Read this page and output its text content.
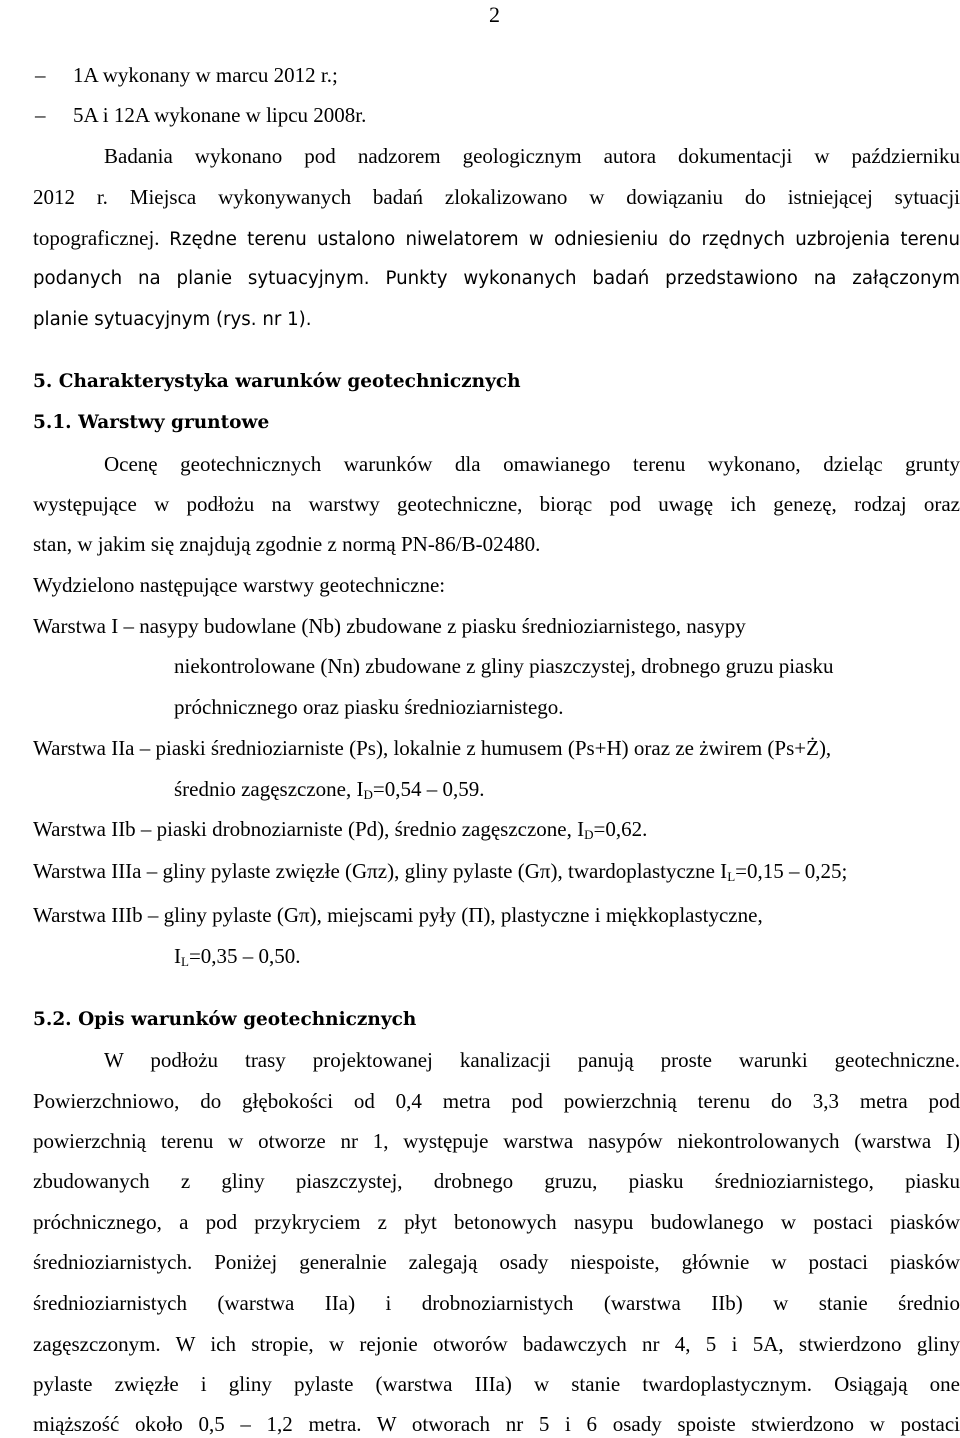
2
– 1A wykonany w marcu 2012 r.;
– 5A i 12A wykonane w lipcu 2008r.
Badania wykonano pod nadzorem geologicznym autora dokumentacji w październiku
2012 r. Miejsca wykonywanych badań zlokalizowano w dowiązaniu do istniejącej sytuacji
topograficznej. Rzędne terenu ustalono niwelatorem w odniesieniu do rzędnych uzbrojenia terenu
podanych na planie sytuacyjnym. Punkty wykonanych badań przedstawiono na załączonym
planie sytuacyjnym (rys. nr 1).
5. Charakterystyka warunków geotechnicznych
5.1. Warstwy gruntowe
Ocenę geotechnicznych warunków dla omawianego terenu wykonano, dzieląc grunty
występujące w podłożu na warstwy geotechniczne, biorąc pod uwagę ich genezę, rodzaj oraz
stan, w jakim się znajdują zgodnie z normą PN-86/B-02480.
Wydzielono następujące warstwy geotechniczne:
Warstwa I – nasypy budowlane (Nb) zbudowane z piasku średnioziarnistego, nasypy
niekontrolowane (Nn) zbudowane z gliny piaszczystej, drobnego gruzu piasku
próchnicznego oraz piasku średnioziarnistego.
Warstwa IIa – piaski średnioziarniste (Ps), lokalnie z humusem (Ps+H) oraz ze żwirem (Ps+Ż),
średnio zagęszczone, $I_D=0,54 - 0,59$.
Warstwa IIb – piaski drobnoziarniste (Pd), średnio zagęszczone, $I_D=0,62$.
Warstwa IIIa – gliny pylaste zwięzłe (Gπz), gliny pylaste (Gπ), twardoplastyczne $I_L=0,15 - 0,25$;
Warstwa IIIb – gliny pylaste (Gπ), miejscami pyły (Π), plastyczne i miękkoplastyczne,
$I_L=0,35 - 0,50$.
5.2. Opis warunków geotechnicznych
W podłożu trasy projektowanej kanalizacji panują proste warunki geotechniczne.
Powierzchniowo, do głębokości od 0,4 metra pod powierzchnią terenu do 3,3 metra pod
powierzchnią terenu w otworze nr 1, występuje warstwa nasypów niekontrolowanych (warstwa I)
zbudowanych z gliny piaszczystej, drobnego gruzu, piasku średnioziarnistego, piasku
próchnicznego, a pod przykryciem z płyt betonowych nasypu budowlanego w postaci piasków
średnioziarnistych. Poniżej generalnie zalegają osady niespoiste, głównie w postaci piasków
średnioziarnistych (warstwa IIa) i drobnoziarnistych (warstwa IIb) w stanie średnio
zagęszczonym. W ich stropie, w rejonie otworów badawczych nr 4, 5 i 5A, stwierdzono gliny
pylaste zwięzłe i gliny pylaste (warstwa IIIa) w stanie twardoplastycznym. Osiągają one
miąższość około 0,5 – 1,2 metra. W otworach nr 5 i 6 osady spoiste stwierdzono w postaci
